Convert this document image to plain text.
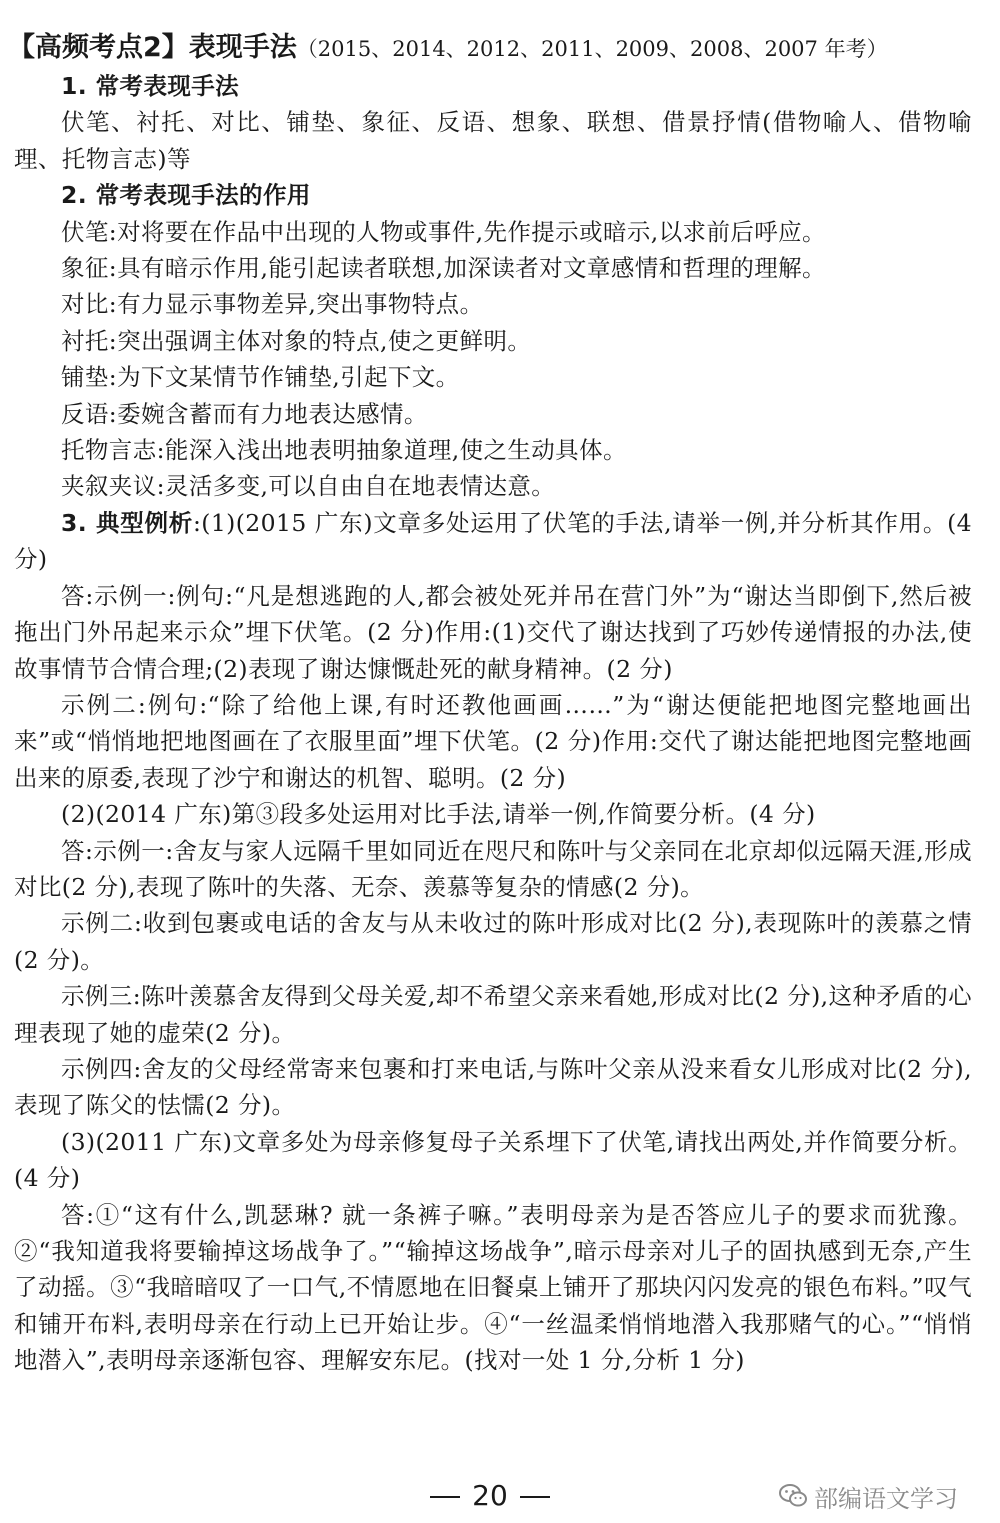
【高频考点2】表现手法（2015、2014、2012、2011、2009、2008、2007 年考）

1. 常考表现手法

伏笔、衬托、对比、铺垫、象征、反语、想象、联想、借景抒情(借物喻人、借物喻理、托物言志)等

2. 常考表现手法的作用

伏笔:对将要在作品中出现的人物或事件,先作提示或暗示,以求前后呼应。

象征:具有暗示作用,能引起读者联想,加深读者对文章感情和哲理的理解。

对比:有力显示事物差异,突出事物特点。

衬托:突出强调主体对象的特点,使之更鲜明。

铺垫:为下文某情节作铺垫,引起下文。

反语:委婉含蓄而有力地表达感情。

托物言志:能深入浅出地表明抽象道理,使之生动具体。

夹叙夹议:灵活多变,可以自由自在地表情达意。

3. 典型例析:(1)(2015 广东)文章多处运用了伏笔的手法,请举一例,并分析其作用。(4 分)

答:示例一:例句:“凡是想逃跑的人,都会被处死并吊在营门外”为“谢达当即倒下,然后被拖出门外吊起来示众”埋下伏笔。(2 分)作用:(1)交代了谢达找到了巧妙传递情报的办法,使故事情节合情合理;(2)表现了谢达慷慨赴死的献身精神。(2 分)

示例二:例句:“除了给他上课,有时还教他画画……”为“谢达便能把地图完整地画出来”或“悄悄地把地图画在了衣服里面”埋下伏笔。(2 分)作用:交代了谢达能把地图完整地画出来的原委,表现了沙宁和谢达的机智、聪明。(2 分)

(2)(2014 广东)第③段多处运用对比手法,请举一例,作简要分析。(4 分)

答:示例一:舍友与家人远隔千里如同近在咫尺和陈叶与父亲同在北京却似远隔天涯,形成对比(2 分),表现了陈叶的失落、无奈、羡慕等复杂的情感(2 分)。

示例二:收到包裹或电话的舍友与从未收过的陈叶形成对比(2 分),表现陈叶的羡慕之情(2 分)。

示例三:陈叶羡慕舍友得到父母关爱,却不希望父亲来看她,形成对比(2 分),这种矛盾的心理表现了她的虚荣(2 分)。

示例四:舍友的父母经常寄来包裹和打来电话,与陈叶父亲从没来看女儿形成对比(2 分),表现了陈父的怯懦(2 分)。

(3)(2011 广东)文章多处为母亲修复母子关系埋下了伏笔,请找出两处,并作简要分析。(4 分)

答:①“这有什么,凯瑟琳? 就一条裤子嘛。”表明母亲为是否答应儿子的要求而犹豫。②“我知道我将要输掉这场战争了。”“输掉这场战争”,暗示母亲对儿子的固执感到无奈,产生了动摇。③“我暗暗叹了一口气,不情愿地在旧餐桌上铺开了那块闪闪发亮的银色布料。”叹气和铺开布料,表明母亲在行动上已开始让步。④“一丝温柔悄悄地潜入我那赌气的心。”“悄悄地潜入”,表明母亲逐渐包容、理解安东尼。(找对一处 1 分,分析 1 分)

20	部编语文学习
